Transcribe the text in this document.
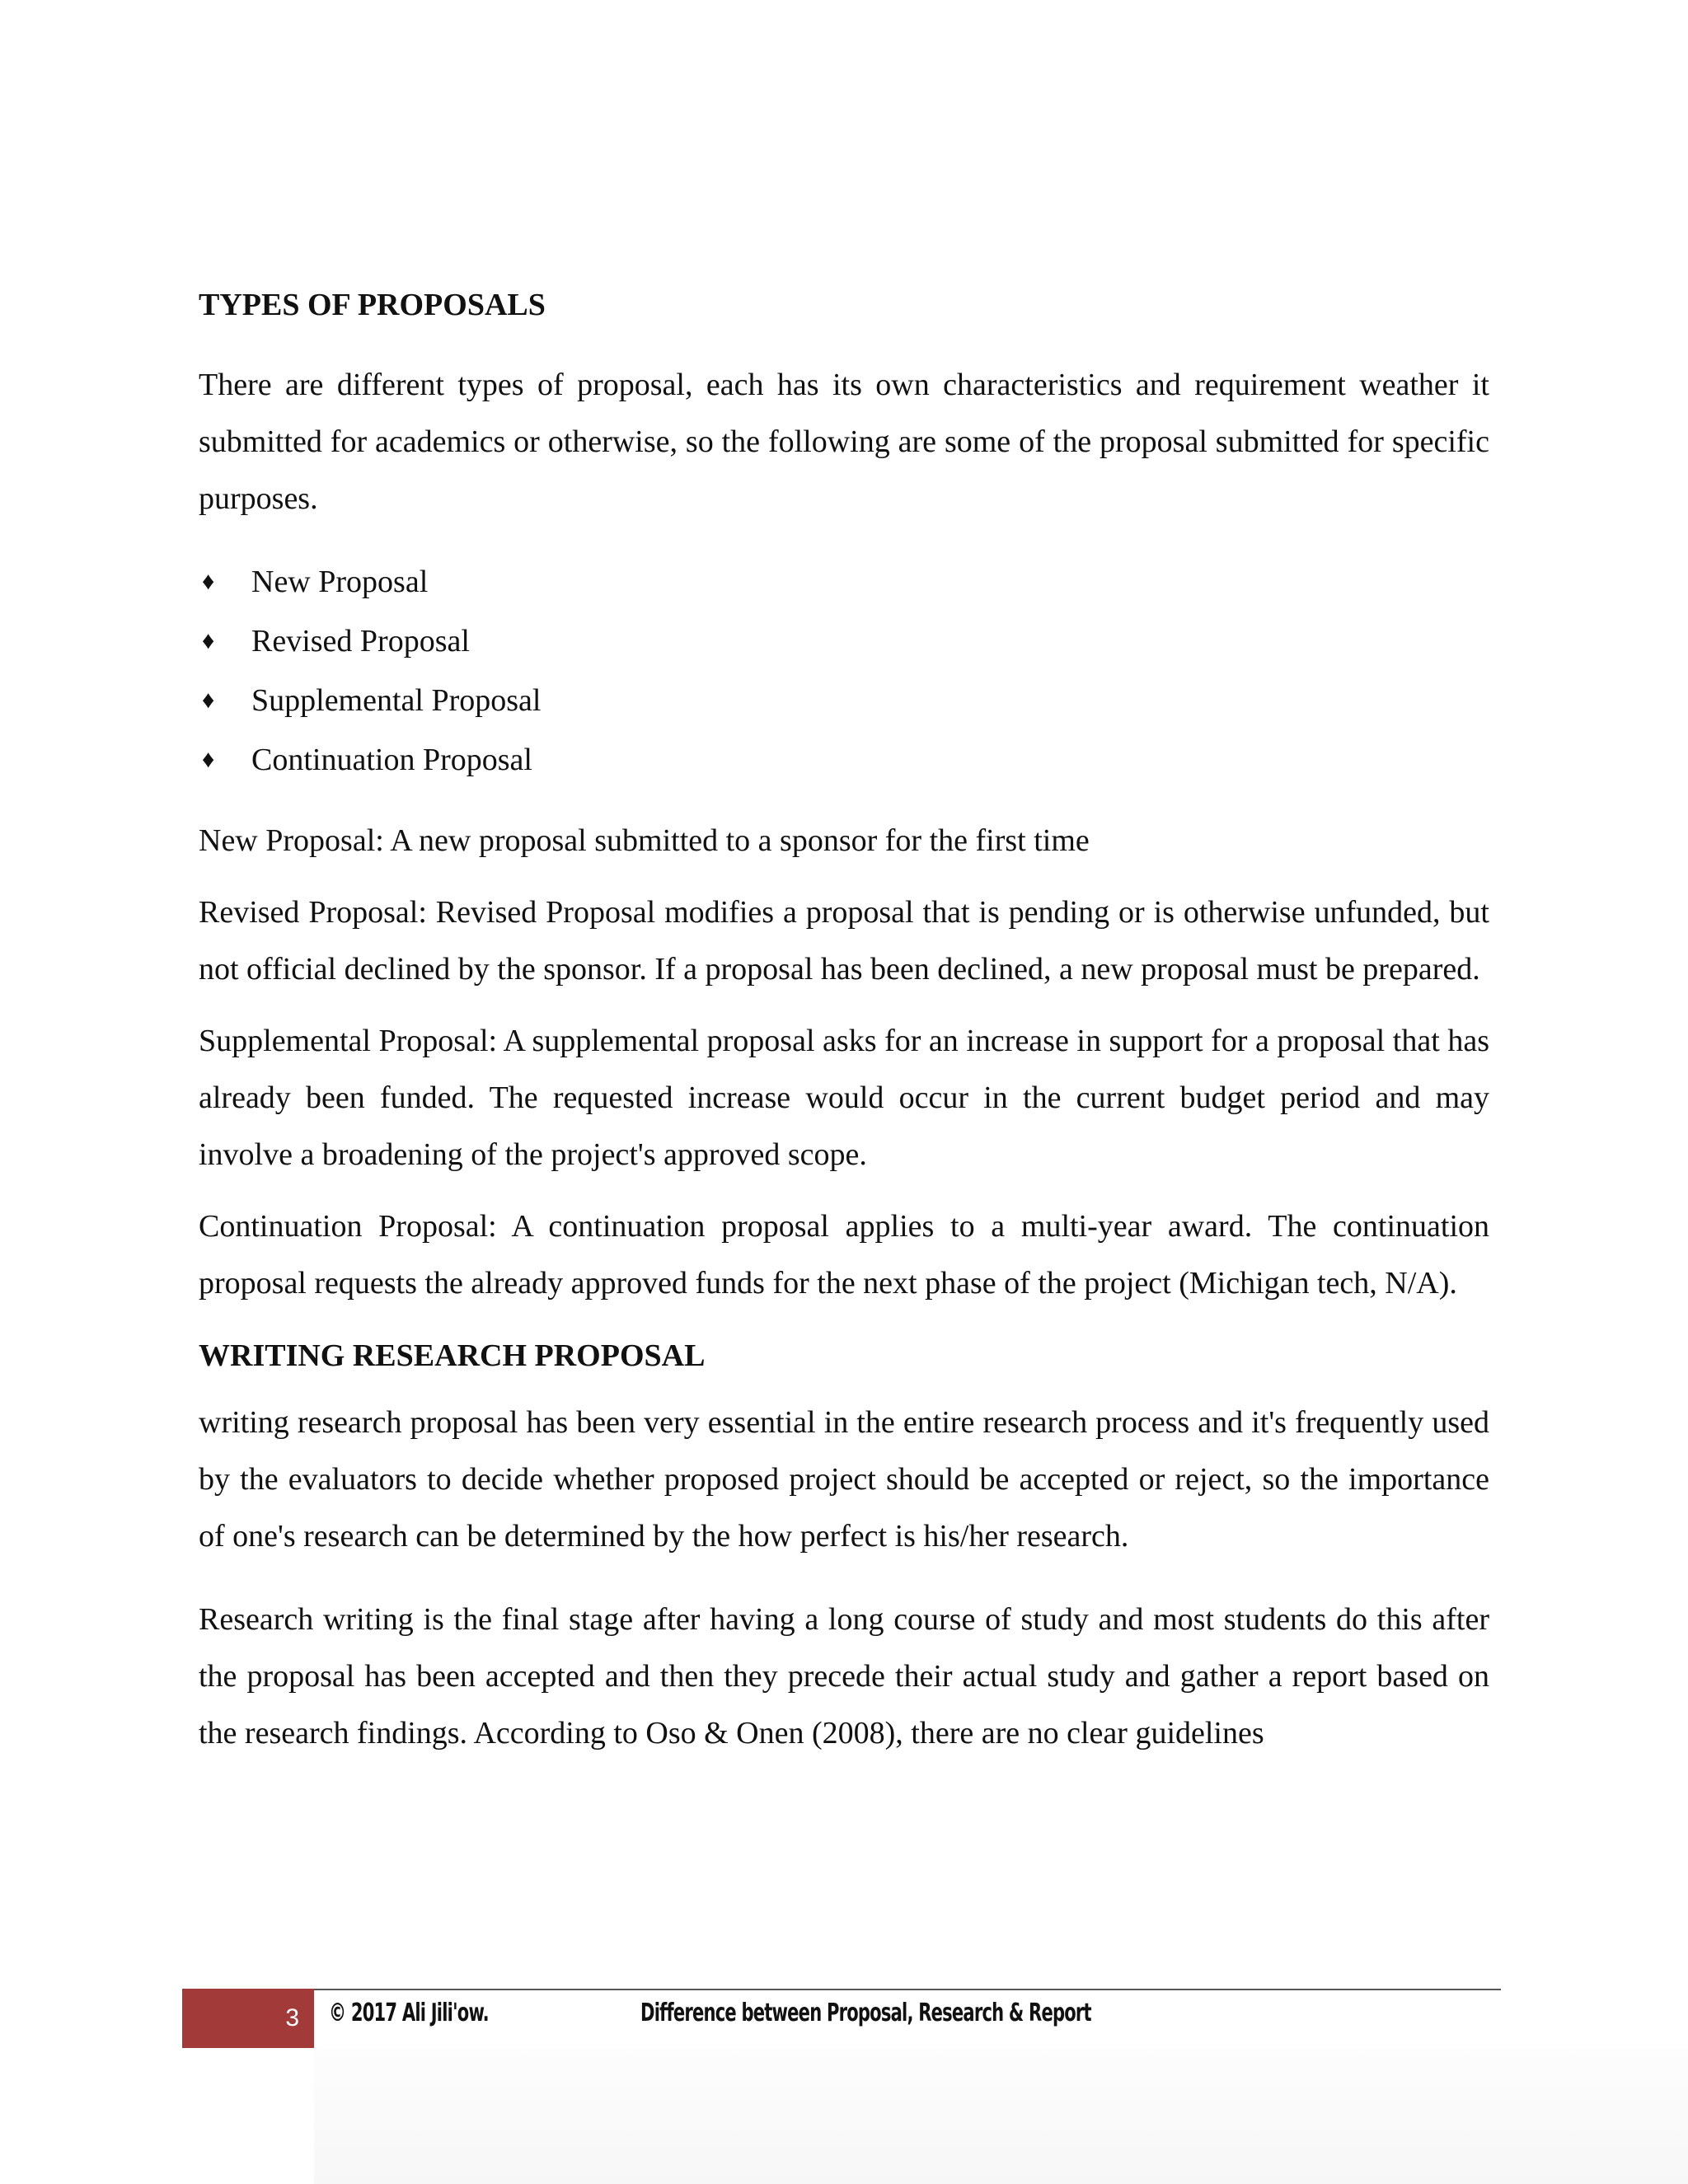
TYPES OF PROPOSALS

There are different types of proposal, each has its own characteristics and requirement weather it submitted for academics or otherwise, so the following are some of the proposal submitted for specific purposes.

♦	New Proposal
♦	Revised Proposal
♦	Supplemental Proposal
♦	Continuation Proposal

New Proposal: A new proposal submitted to a sponsor for the first time

Revised Proposal: Revised Proposal modifies a proposal that is pending or is otherwise unfunded, but not official declined by the sponsor. If a proposal has been declined, a new proposal must be prepared.

Supplemental Proposal: A supplemental proposal asks for an increase in support for a proposal that has already been funded. The requested increase would occur in the current budget period and may involve a broadening of the project's approved scope.

Continuation Proposal: A continuation proposal applies to a multi-year award. The continuation proposal requests the already approved funds for the next phase of the project (Michigan tech, N/A).

WRITING RESEARCH PROPOSAL

writing research proposal has been very essential in the entire research process and it's frequently used by the evaluators to decide whether proposed project should be accepted or reject, so the importance of one's research can be determined by the how perfect is his/her research.

Research writing is the final stage after having a long course of study and most students do this after the proposal has been accepted and then they precede their actual study and gather a report based on the research findings. According to Oso & Onen (2008), there are no clear guidelines

3	© 2017 Ali Jili'ow.	Difference between Proposal, Research & Report
